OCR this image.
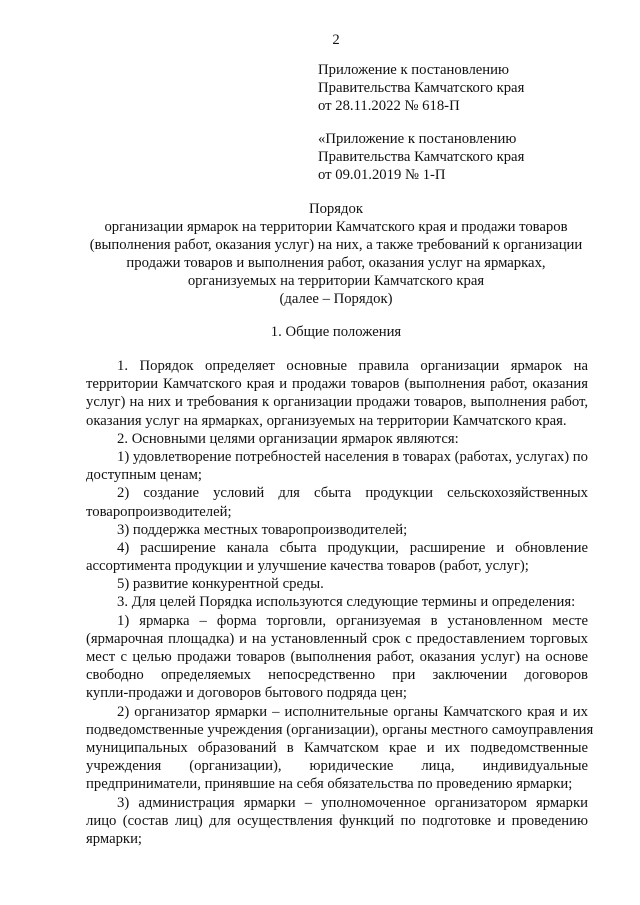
2
Приложение к постановлению
Правительства Камчатского края
от 28.11.2022 № 618-П
«Приложение к постановлению
Правительства Камчатского края
от 09.01.2019 № 1-П
Порядок
организации ярмарок на территории Камчатского края и продажи товаров
(выполнения работ, оказания услуг) на них, а также требований к организации
продажи товаров и выполнения работ, оказания услуг на ярмарках,
организуемых на территории Камчатского края
(далее – Порядок)
1. Общие положения
1. Порядок определяет основные правила организации ярмарок на
территории Камчатского края и продажи товаров (выполнения работ, оказания
услуг) на них и требования к организации продажи товаров, выполнения работ,
оказания услуг на ярмарках, организуемых на территории Камчатского края.
2. Основными целями организации ярмарок являются:
1) удовлетворение потребностей населения в товарах (работах, услугах) по
доступным ценам;
2) создание условий для сбыта продукции сельскохозяйственных
товаропроизводителей;
3) поддержка местных товаропроизводителей;
4) расширение канала сбыта продукции, расширение и обновление
ассортимента продукции и улучшение качества товаров (работ, услуг);
5) развитие конкурентной среды.
3. Для целей Порядка используются следующие термины и определения:
1) ярмарка – форма торговли, организуемая в установленном месте
(ярмарочная площадка) и на установленный срок с предоставлением торговых
мест с целью продажи товаров (выполнения работ, оказания услуг) на основе
свободно определяемых непосредственно при заключении договоров
купли-продажи и договоров бытового подряда цен;
2) организатор ярмарки – исполнительные органы Камчатского края и их
подведомственные учреждения (организации), органы местного самоуправления
муниципальных образований в Камчатском крае и их подведомственные
учреждения (организации), юридические лица, индивидуальные
предприниматели, принявшие на себя обязательства по проведению ярмарки;
3) администрация ярмарки – уполномоченное организатором ярмарки
лицо (состав лиц) для осуществления функций по подготовке и проведению
ярмарки;
